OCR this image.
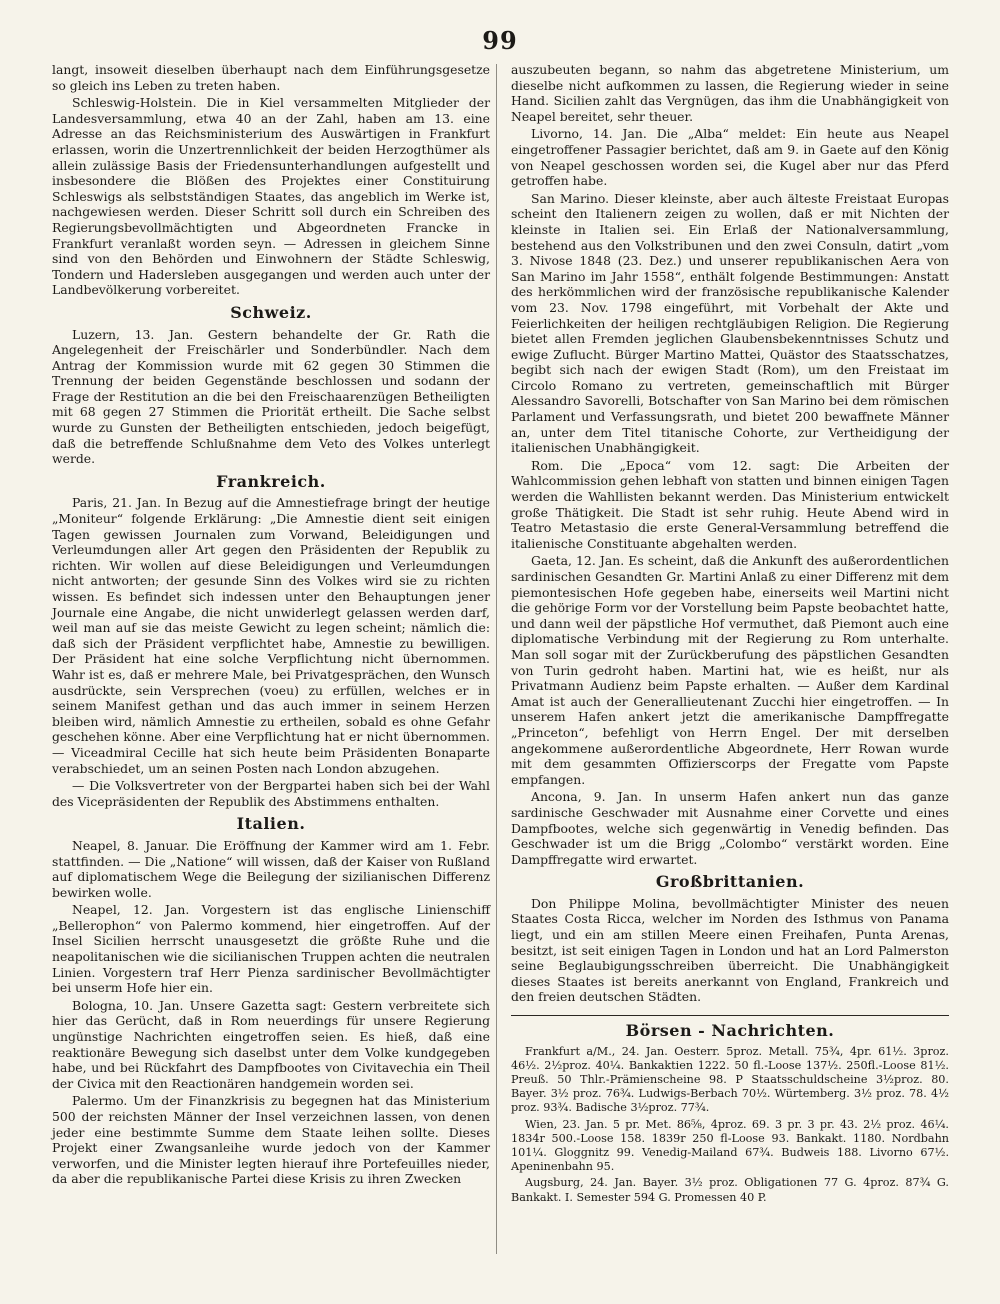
99

langt, insoweit dieselben überhaupt nach dem Einführungsgesetze so gleich ins Leben zu treten haben.

Schleswig-Holstein. Die in Kiel versammelten Mitglieder der Landesversammlung, etwa 40 an der Zahl, haben am 13. eine Adresse an das Reichsministerium des Auswärtigen in Frankfurt erlassen, worin die Unzertrennlichkeit der beiden Herzogthümer als allein zulässige Basis der Friedensunterhandlungen aufgestellt und insbesondere die Blößen des Projektes einer Constituirung Schleswigs als selbstständigen Staates, das angeblich im Werke ist, nachgewiesen werden. Dieser Schritt soll durch ein Schreiben des Regierungsbevollmächtigten und Abgeordneten Francke in Frankfurt veranlaßt worden seyn. — Adressen in gleichem Sinne sind von den Behörden und Einwohnern der Städte Schleswig, Tondern und Hadersleben ausgegangen und werden auch unter der Landbevölkerung vorbereitet.

Schweiz.

Luzern, 13. Jan. Gestern behandelte der Gr. Rath die Angelegenheit der Freischärler und Sonderbündler. Nach dem Antrag der Kommission wurde mit 62 gegen 30 Stimmen die Trennung der beiden Gegenstände beschlossen und sodann der Frage der Restitution an die bei den Freischaarenzügen Betheiligten mit 68 gegen 27 Stimmen die Priorität ertheilt. Die Sache selbst wurde zu Gunsten der Betheiligten entschieden, jedoch beigefügt, daß die betreffende Schlußnahme dem Veto des Volkes unterlegt werde.

Frankreich.

Paris, 21. Jan. In Bezug auf die Amnestiefrage bringt der heutige „Moniteur“ folgende Erklärung: „Die Amnestie dient seit einigen Tagen gewissen Journalen zum Vorwand, Beleidigungen und Verleumdungen aller Art gegen den Präsidenten der Republik zu richten. Wir wollen auf diese Beleidigungen und Verleumdungen nicht antworten; der gesunde Sinn des Volkes wird sie zu richten wissen. Es befindet sich indessen unter den Behauptungen jener Journale eine Angabe, die nicht unwiderlegt gelassen werden darf, weil man auf sie das meiste Gewicht zu legen scheint; nämlich die: daß sich der Präsident verpflichtet habe, Amnestie zu bewilligen. Der Präsident hat eine solche Verpflichtung nicht übernommen. Wahr ist es, daß er mehrere Male, bei Privatgesprächen, den Wunsch ausdrückte, sein Versprechen (voeu) zu erfüllen, welches er in seinem Manifest gethan und das auch immer in seinem Herzen bleiben wird, nämlich Amnestie zu ertheilen, sobald es ohne Gefahr geschehen könne. Aber eine Verpflichtung hat er nicht übernommen. — Viceadmiral Cecille hat sich heute beim Präsidenten Bonaparte verabschiedet, um an seinen Posten nach London abzugehen.

— Die Volksvertreter von der Bergpartei haben sich bei der Wahl des Vicepräsidenten der Republik des Abstimmens enthalten.

Italien.

Neapel, 8. Januar. Die Eröffnung der Kammer wird am 1. Febr. stattfinden. — Die „Natione“ will wissen, daß der Kaiser von Rußland auf diplomatischem Wege die Beilegung der sizilianischen Differenz bewirken wolle.

Neapel, 12. Jan. Vorgestern ist das englische Linienschiff „Bellerophon“ von Palermo kommend, hier eingetroffen. Auf der Insel Sicilien herrscht unausgesetzt die größte Ruhe und die neapolitanischen wie die sicilianischen Truppen achten die neutralen Linien. Vorgestern traf Herr Pienza sardinischer Bevollmächtigter bei unserm Hofe hier ein.

Bologna, 10. Jan. Unsere Gazetta sagt: Gestern verbreitete sich hier das Gerücht, daß in Rom neuerdings für unsere Regierung ungünstige Nachrichten eingetroffen seien. Es hieß, daß eine reaktionäre Bewegung sich daselbst unter dem Volke kundgegeben habe, und bei Rückfahrt des Dampfbootes von Civitavechia ein Theil der Civica mit den Reactionären handgemein worden sei.

Palermo. Um der Finanzkrisis zu begegnen hat das Ministerium 500 der reichsten Männer der Insel verzeichnen lassen, von denen jeder eine bestimmte Summe dem Staate leihen sollte. Dieses Projekt einer Zwangsanleihe wurde jedoch von der Kammer verworfen, und die Minister legten hierauf ihre Portefeuilles nieder, da aber die republikanische Partei diese Krisis zu ihren Zwecken

auszubeuten begann, so nahm das abgetretene Ministerium, um dieselbe nicht aufkommen zu lassen, die Regierung wieder in seine Hand. Sicilien zahlt das Vergnügen, das ihm die Unabhängigkeit von Neapel bereitet, sehr theuer.

Livorno, 14. Jan. Die „Alba“ meldet: Ein heute aus Neapel eingetroffener Passagier berichtet, daß am 9. in Gaete auf den König von Neapel geschossen worden sei, die Kugel aber nur das Pferd getroffen habe.

San Marino. Dieser kleinste, aber auch älteste Freistaat Europas scheint den Italienern zeigen zu wollen, daß er mit Nichten der kleinste in Italien sei. Ein Erlaß der Nationalversammlung, bestehend aus den Volkstribunen und den zwei Consuln, datirt „vom 3. Nivose 1848 (23. Dez.) und unserer republikanischen Aera von San Marino im Jahr 1558“, enthält folgende Bestimmungen: Anstatt des herkömmlichen wird der französische republikanische Kalender vom 23. Nov. 1798 eingeführt, mit Vorbehalt der Akte und Feierlichkeiten der heiligen rechtgläubigen Religion. Die Regierung bietet allen Fremden jeglichen Glaubensbekenntnisses Schutz und ewige Zuflucht. Bürger Martino Mattei, Quästor des Staatsschatzes, begibt sich nach der ewigen Stadt (Rom), um den Freistaat im Circolo Romano zu vertreten, gemeinschaftlich mit Bürger Alessandro Savorelli, Botschafter von San Marino bei dem römischen Parlament und Verfassungsrath, und bietet 200 bewaffnete Männer an, unter dem Titel titanische Cohorte, zur Vertheidigung der italienischen Unabhängigkeit.

Rom. Die „Epoca“ vom 12. sagt: Die Arbeiten der Wahlcommission gehen lebhaft von statten und binnen einigen Tagen werden die Wahllisten bekannt werden. Das Ministerium entwickelt große Thätigkeit. Die Stadt ist sehr ruhig. Heute Abend wird in Teatro Metastasio die erste General-Versammlung betreffend die italienische Constituante abgehalten werden.

Gaeta, 12. Jan. Es scheint, daß die Ankunft des außerordentlichen sardinischen Gesandten Gr. Martini Anlaß zu einer Differenz mit dem piemontesischen Hofe gegeben habe, einerseits weil Martini nicht die gehörige Form vor der Vorstellung beim Papste beobachtet hatte, und dann weil der päpstliche Hof vermuthet, daß Piemont auch eine diplomatische Verbindung mit der Regierung zu Rom unterhalte. Man soll sogar mit der Zurückberufung des päpstlichen Gesandten von Turin gedroht haben. Martini hat, wie es heißt, nur als Privatmann Audienz beim Papste erhalten. — Außer dem Kardinal Amat ist auch der Generallieutenant Zucchi hier eingetroffen. — In unserem Hafen ankert jetzt die amerikanische Dampffregatte „Princeton“, befehligt von Herrn Engel. Der mit derselben angekommene außerordentliche Abgeordnete, Herr Rowan wurde mit dem gesammten Offizierscorps der Fregatte vom Papste empfangen.

Ancona, 9. Jan. In unserm Hafen ankert nun das ganze sardinische Geschwader mit Ausnahme einer Corvette und eines Dampfbootes, welche sich gegenwärtig in Venedig befinden. Das Geschwader ist um die Brigg „Colombo“ verstärkt worden. Eine Dampffregatte wird erwartet.

Großbrittanien.

Don Philippe Molina, bevollmächtigter Minister des neuen Staates Costa Ricca, welcher im Norden des Isthmus von Panama liegt, und ein am stillen Meere einen Freihafen, Punta Arenas, besitzt, ist seit einigen Tagen in London und hat an Lord Palmerston seine Beglaubigungsschreiben überreicht. Die Unabhängigkeit dieses Staates ist bereits anerkannt von England, Frankreich und den freien deutschen Städten.

Börsen - Nachrichten.

Frankfurt a/M., 24. Jan. Oesterr. 5proz. Metall. 75¾, 4pr. 61½. 3proz. 46½. 2½proz. 40¼. Bankaktien 1222. 50 fl.-Loose 137½. 250fl.-Loose 81½. Preuß. 50 Thlr.-Prämienscheine 98. P Staatsschuldscheine 3½proz. 80. Bayer. 3½ proz. 76¾. Ludwigs-Berbach 70½. Würtemberg. 3½ proz. 78. 4½ proz. 93¾. Badische 3½proz. 77¾.

Wien, 23. Jan. 5 pr. Met. 86⅝, 4proz. 69. 3 pr. 3 pr. 43. 2½ proz. 46¼. 1834r 500.-Loose 158. 1839r 250 fl-Loose 93. Bankakt. 1180. Nordbahn 101¼. Gloggnitz 99. Venedig-Mailand 67¾. Budweis 188. Livorno 67½. Apeninenbahn 95.

Augsburg, 24. Jan. Bayer. 3½ proz. Obligationen 77 G. 4proz. 87¾ G. Bankakt. I. Semester 594 G. Promessen 40 P.
